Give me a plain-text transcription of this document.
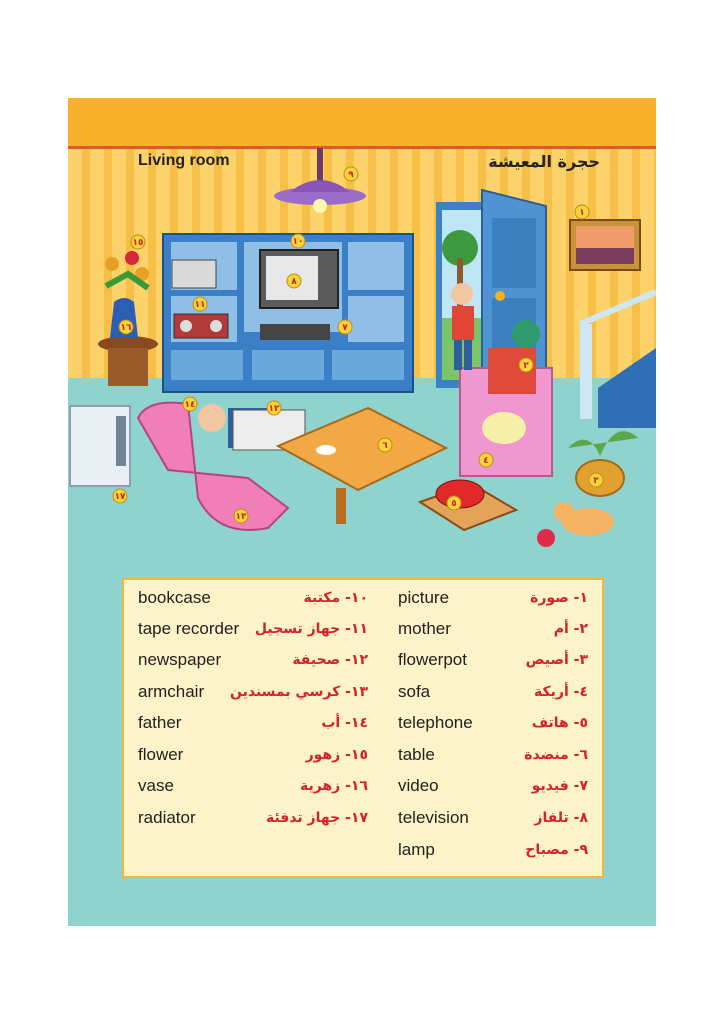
١
٢
٣
٤
٥
٦
٧
٨
٩
١٠
١١
١٢
١٣
١٤
١٥
١٦
١٧
Living room	حجرة المعيشة
bookcase	١٠- مكتبة
tape recorder ١١- جهاز تسجيل
newspaper	١٢- صحيفة
armchair ١٣- كرسي بمسندين
father	١٤- أب
flower	١٥- زهور
vase	١٦- زهرية
radiator	١٧- جهاز تدفئة
picture	١- صورة
mother	٢- أم
flowerpot	٣- أصيص
sofa	٤- أريكة
telephone	٥- هاتف
table	٦- منضدة
video	٧- فيديو
television	٨- تلفاز
lamp	٩- مصباح
